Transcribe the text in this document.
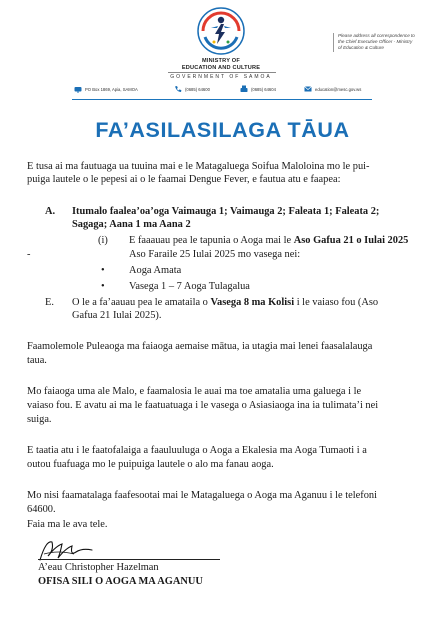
MINISTRY OF
EDUCATION AND CULTURE
GOVERNMENT OF SAMOA
Please address all correspondence to
the Chief Executive Officer - Ministry
of Education & Culture
PO Box 1869, Apia, SAMOA	(0685) 64600	(0685) 64604	education@mesc.gov.ws
FA’ASILASILAGA TĀUA
E tusa ai ma fautuaga ua tuuina mai e le Matagaluega Soifua Maloloina mo le pui-
puiga lautele o le pepesi ai o le faamai Dengue Fever, e fautua atu e faapea:
A. Itumalo faalea’oa’oga Vaimauga 1; Vaimauga 2; Faleata 1; Faleata 2;
Sagaga; Aana 1 ma Aana 2
(i) E faaauau pea le tapunia o Aoga mai le Aso Gafua 21 o Iulai 2025
-	Aso Faraile 25 Iulai 2025 mo vasega nei:
• Aoga Amata
• Vasega 1 – 7 Aoga Tulagalua
E. O le a fa’aauau pea le amataila o Vasega 8 ma Kolisi i le vaiaso fou (Aso
Gafua 21 Iulai 2025).
Faamolemole Puleaoga ma faiaoga aemaise mātua, ia utagia mai lenei faasalalauga
taua.
Mo faiaoga uma ale Malo, e faamalosia le auai ma toe amatalia uma galuega i le
vaiaso fou. E avatu ai ma le faatuatuaga i le vasega o Asiasiaoga ina ia tulimata’i nei
suiga.
E taatia atu i le faatofalaiga a faauluuluga o Aoga a Ekalesia ma Aoga Tumaoti i a
outou fuafuaga mo le puipuiga lautele o alo ma fanau aoga.
Mo nisi faamatalaga faafesootai mai le Matagaluega o Aoga ma Aganuu i le telefoni
64600.
Faia ma le ava tele.
A’eau Christopher Hazelman
OFISA SILI O AOGA MA AGANUU
